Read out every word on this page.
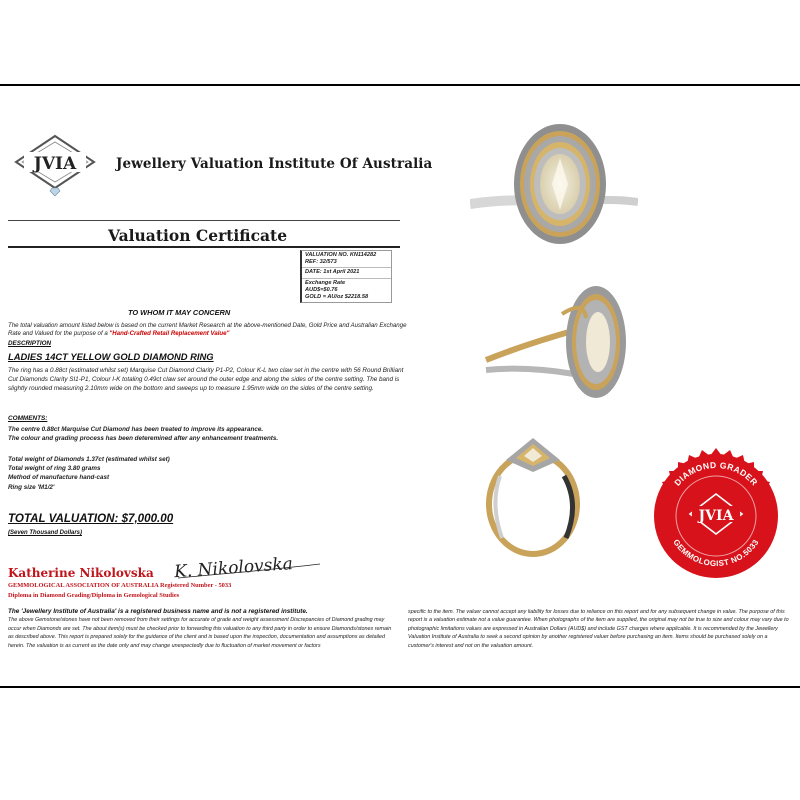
JVIA	Jewellery Valuation Institute Of Australia
Valuation Certificate
VALUATION NO. KN114282
REF: 32/573
DATE: 1st April 2021
Exchange Rate
AUD$=$0.76
GOLD = AU/oz $2218.58
TO WHOM IT MAY CONCERN
The total valuation amount listed below is based on the current Market Research at the above-mentioned Date, Gold Price and Australian Exchange Rate and Valued for the purpose of a "Hand-Crafted Retail Replacement Value"
DESCRIPTION
LADIES 14CT YELLOW GOLD DIAMOND RING
The ring has a 0.88ct (estimated whilst set) Marquise Cut Diamond Clarity P1-P2, Colour K-L two claw set in the centre with 56 Round Brilliant Cut Diamonds Clarity SI1-P1, Colour I-K totaling 0.49ct claw set around the outer edge and along the sides of the centre setting. The band is slightly rounded measuring 2.10mm wide on the bottom and sweeps up to measure 1.95mm wide on the sides of the centre setting.
COMMENTS:
The centre 0.88ct Marquise Cut Diamond has been treated to improve its appearance.
The colour and grading process has been deteremined after any enhancement treatments.
Total weight of Diamonds 1.37ct (estimated whilst set)
Total weight of ring 3.80 grams
Method of manufacture hand-cast
Ring size 'M1/2'
TOTAL VALUATION: $7,000.00
(Seven Thousand Dollars)
Katherine Nikolovska K. Nikolovska
GEMMOLOGICAL ASSOCIATION OF AUSTRALIA Registered Number - 5033
Diploma in Diamond Grading/Diploma in Gemological Studies
The 'Jewellery Institute of Australia' is a registered business name and is not a registered institute.
The above Gemstone/stones have not been removed from their settings for accurate of grade and weight assessment Discrepancies of Diamond grading may occur when Diamonds are set. The about item(s) must be checked prior to forwarding this valuation to any third party in order to ensure Diamonds/stones remain as described above. This report is prepared solely for the guidance of the client and is based upon the inspection, documentation and assumptions as detailed herein. The valuation is as current as the date only and may change unexpectedly due to fluctuation of market movement or factors
specific to the item. The valuer cannot accept any liability for losses due to reliance on this report and for any subsequent change in value. The purpose of this report is a valuation estimate not a value guarantee. When photographs of the item are supplied, the original may not be true to size and colour may vary due to photographic limitations values are expressed in Australian Dollars (AUD$) and include GST charges where applicable. It is recommended by the Jewellery Valuation Institute of Australia to seek a second opinion by another registered valuer before purchasing an item. Items should be purchased solely on a customer's interest and not on the valuation amount.
DIAMOND GRADER
GEMMOLOGIST NO.5033
JVIA
